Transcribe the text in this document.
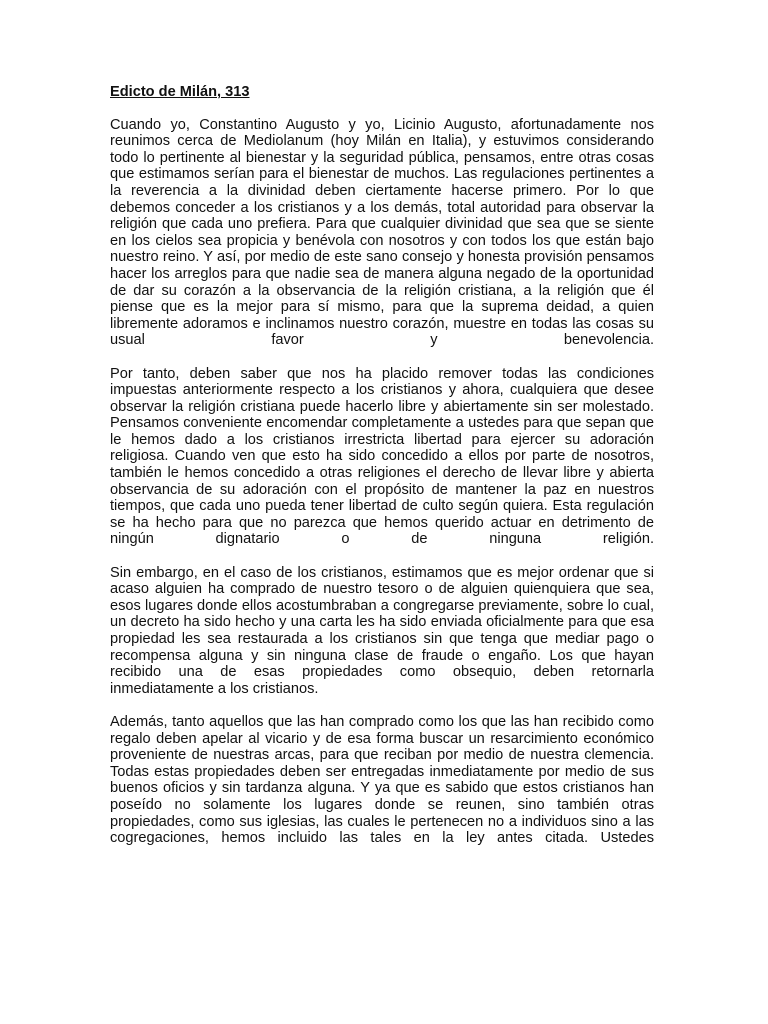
Edicto de Milán, 313

Cuando yo, Constantino Augusto y yo, Licinio Augusto, afortunadamente nos reunimos cerca de Mediolanum (hoy Milán en Italia), y estuvimos considerando todo lo pertinente al bienestar y la seguridad pública, pensamos, entre otras cosas que estimamos serían para el bienestar de muchos. Las regulaciones pertinentes a la reverencia a la divinidad deben ciertamente hacerse primero. Por lo que debemos conceder a los cristianos y a los demás, total autoridad para observar la religión que cada uno prefiera. Para que cualquier divinidad que sea que se siente en los cielos sea propicia y benévola con nosotros y con todos los que están bajo nuestro reino. Y así, por medio de este sano consejo y honesta provisión pensamos hacer los arreglos para que nadie sea de manera alguna negado de la oportunidad de dar su corazón a la observancia de la religión cristiana, a la religión que él piense que es la mejor para sí mismo, para que la suprema deidad, a quien libremente adoramos e inclinamos nuestro corazón, muestre en todas las cosas su usual favor y benevolencia.

Por tanto, deben saber que nos ha placido remover todas las condiciones impuestas anteriormente respecto a los cristianos y ahora, cualquiera que desee observar la religión cristiana puede hacerlo libre y abiertamente sin ser molestado. Pensamos conveniente encomendar completamente a ustedes para que sepan que le hemos dado a los cristianos irrestricta libertad para ejercer su adoración religiosa. Cuando ven que esto ha sido concedido a ellos por parte de nosotros, también le hemos concedido a otras religiones el derecho de llevar libre y abierta observancia de su adoración con el propósito de mantener la paz en nuestros tiempos, que cada uno pueda tener libertad de culto según quiera. Esta regulación se ha hecho para que no parezca que hemos querido actuar en detrimento de ningún dignatario o de ninguna religión.

Sin embargo, en el caso de los cristianos, estimamos que es mejor ordenar que si acaso alguien ha comprado de nuestro tesoro o de alguien quienquiera que sea, esos lugares donde ellos acostumbraban a congregarse previamente, sobre lo cual, un decreto ha sido hecho y una carta les ha sido enviada oficialmente para que esa propiedad les sea restaurada a los cristianos sin que tenga que mediar pago o recompensa alguna y sin ninguna clase de fraude o engaño. Los que hayan recibido una de esas propiedades como obsequio, deben retornarla inmediatamente a los cristianos.

Además, tanto aquellos que las han comprado como los que las han recibido como regalo deben apelar al vicario y de esa forma buscar un resarcimiento económico proveniente de nuestras arcas, para que reciban por medio de nuestra clemencia. Todas estas propiedades deben ser entregadas inmediatamente por medio de sus buenos oficios y sin tardanza alguna. Y ya que es sabido que estos cristianos han poseído no solamente los lugares donde se reunen, sino también otras propiedades, como sus iglesias, las cuales le pertenecen no a individuos sino a las cogregaciones, hemos incluido las tales en la ley antes citada. Ustedes
